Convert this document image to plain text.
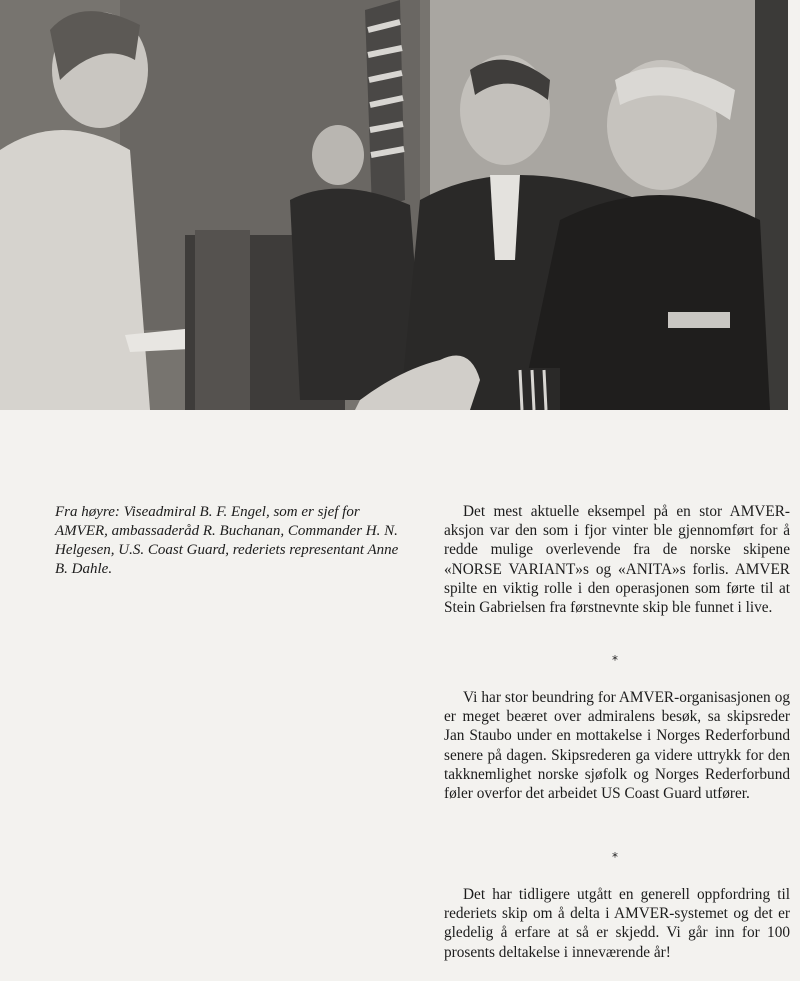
Fra høyre: Viseadmiral B. F. Engel, som er sjef for AMVER, ambassaderåd R. Buchanan, Commander H. N. Helgesen, U.S. Coast Guard, rederiets representant Anne B. Dahle.

Det mest aktuelle eksempel på en stor AMVER-aksjon var den som i fjor vinter ble gjennomført for å redde mulige overlevende fra de norske skipene «NORSE VARIANT»s og «ANITA»s forlis. AMVER spilte en viktig rolle i den operasjonen som førte til at Stein Gabrielsen fra førstnevnte skip ble funnet i live.

*

Vi har stor beundring for AMVER-organisasjonen og er meget beæret over admiralens besøk, sa skipsreder Jan Staubo under en mottakelse i Norges Rederforbund senere på dagen. Skipsrederen ga videre uttrykk for den takknemlighet norske sjøfolk og Norges Rederforbund føler overfor det arbeidet US Coast Guard utfører.

*

Det har tidligere utgått en generell oppfordring til rederiets skip om å delta i AMVER-systemet og det er gledelig å erfare at så er skjedd. Vi går inn for 100 prosents deltakelse i inneværende år!
